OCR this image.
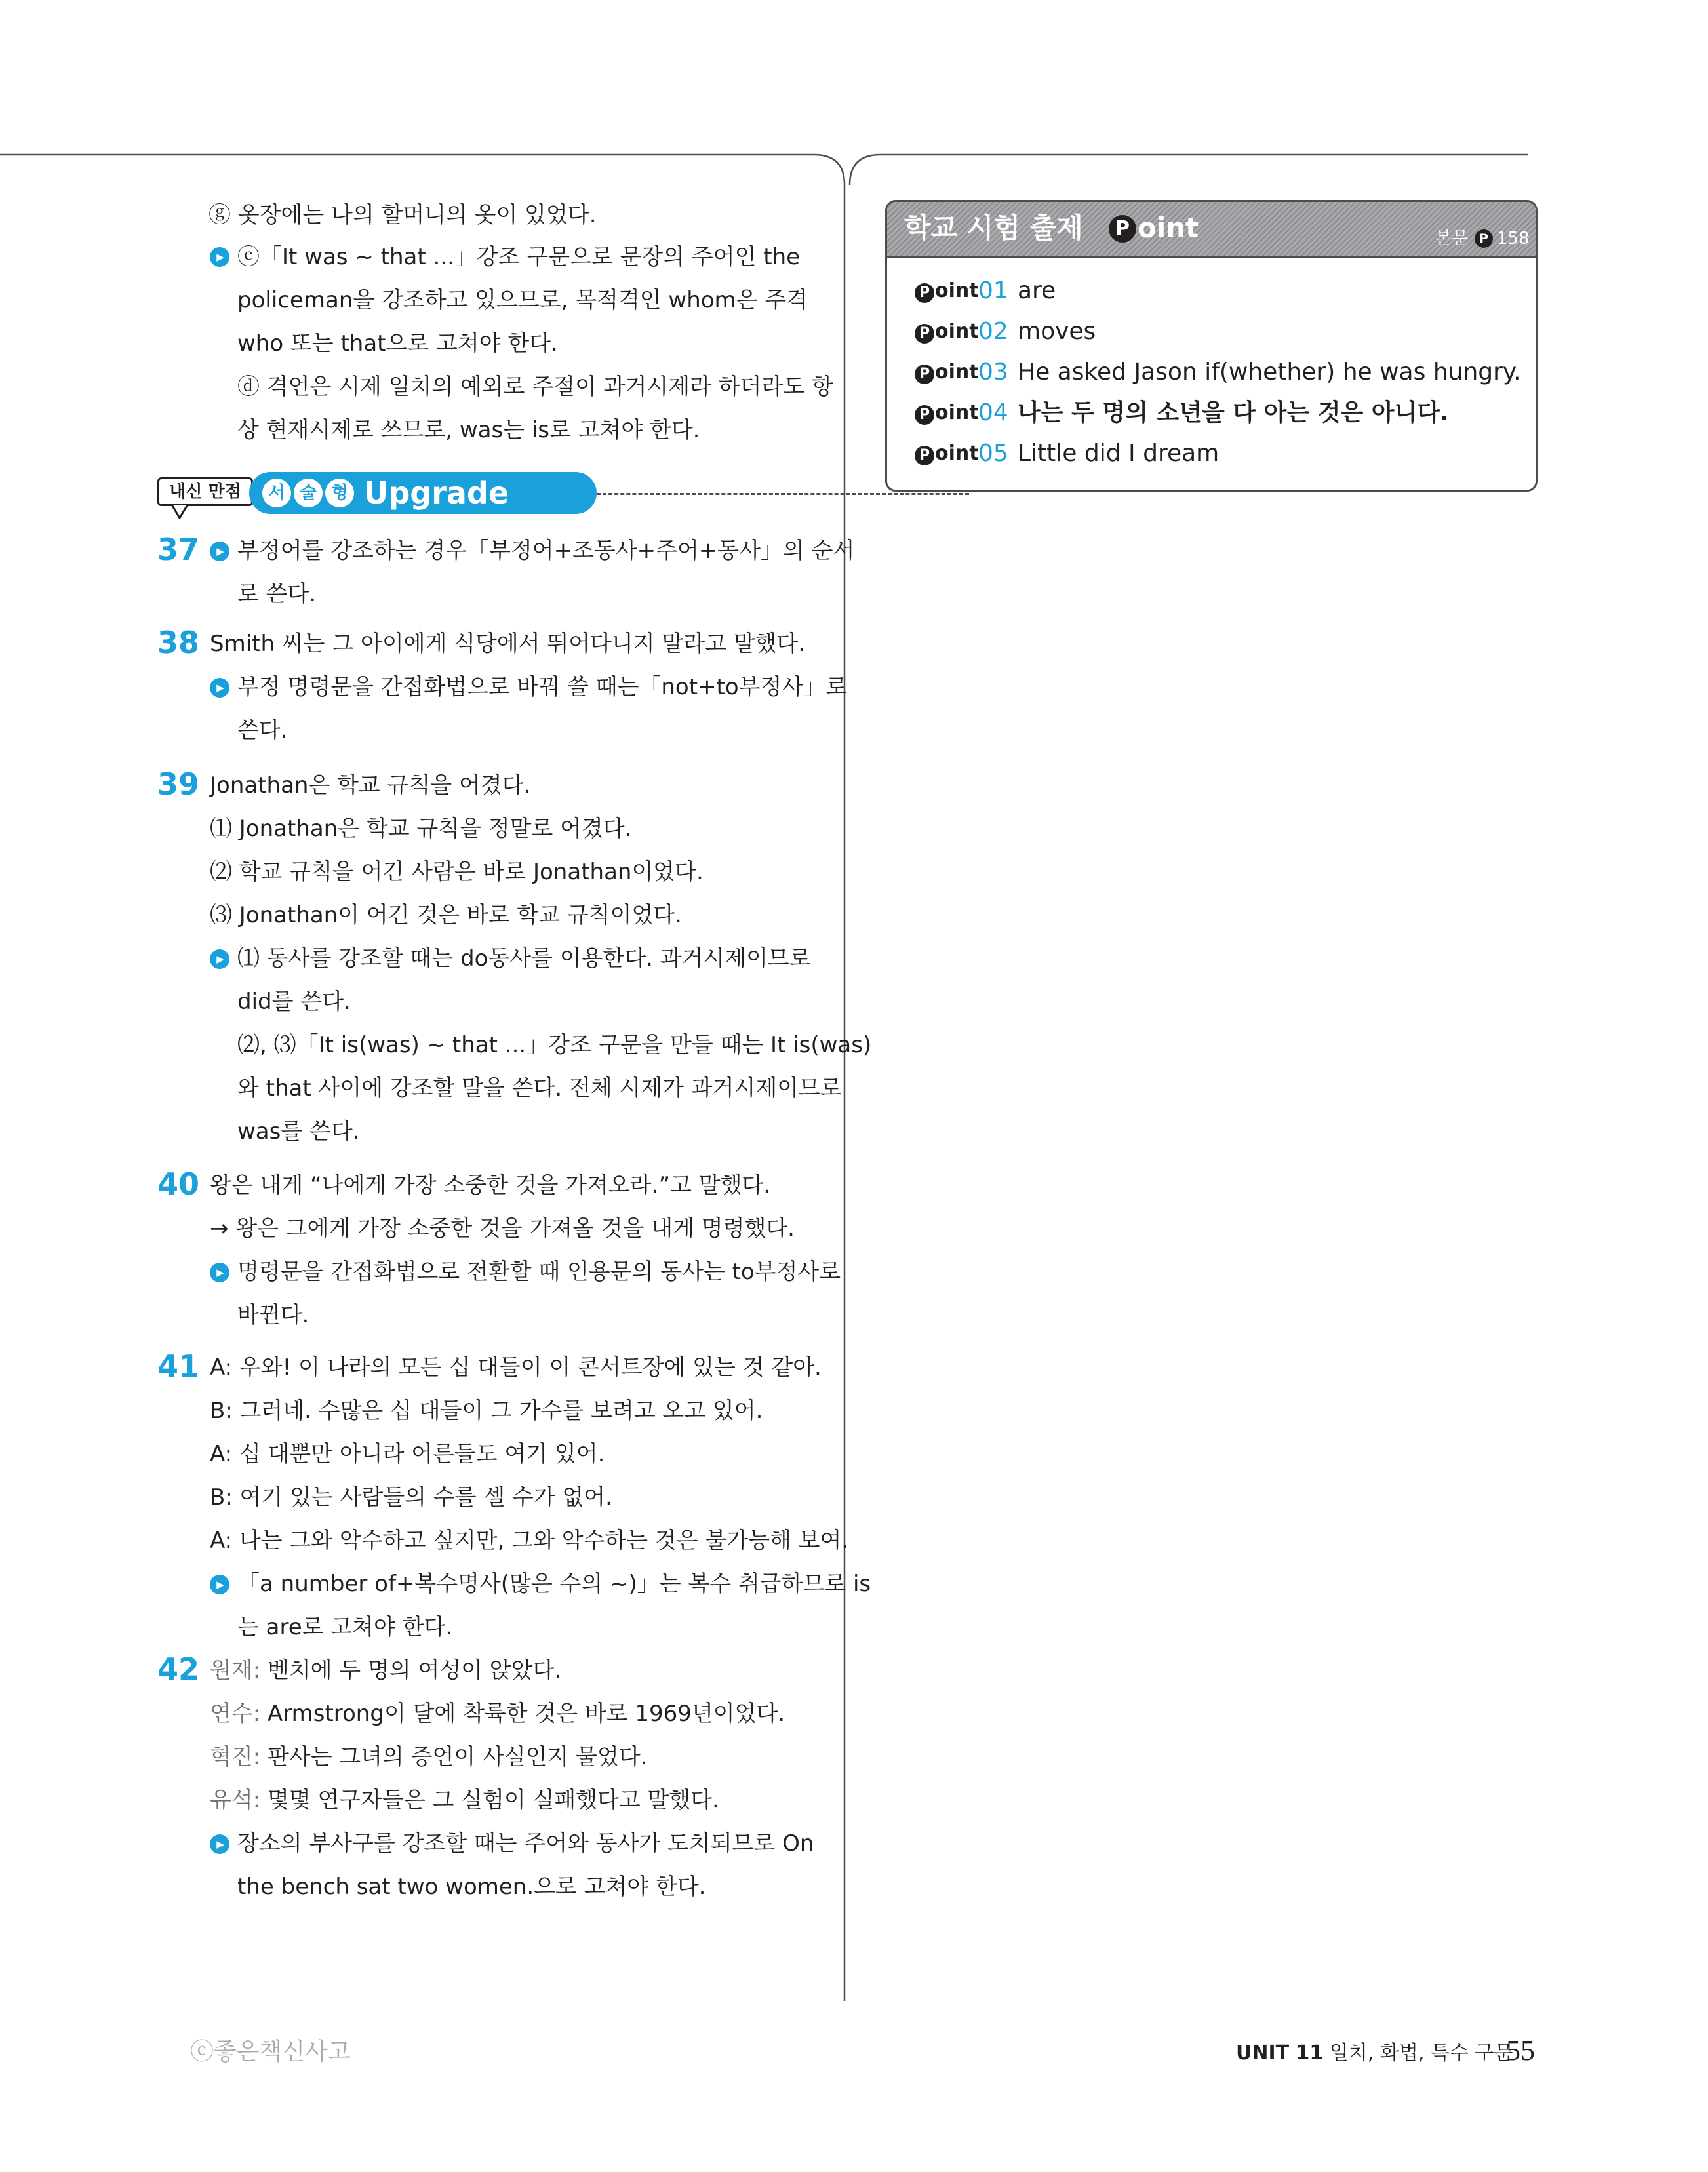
ⓖ 옷장에는 나의 할머니의 옷이 있었다.
▶
ⓒ「It was ~ that ...」강조 구문으로 문장의 주어인 the
policeman을 강조하고 있으므로, 목적격인 whom은 주격
who 또는 that으로 고쳐야 한다.
ⓓ 격언은 시제 일치의 예외로 주절이 과거시제라 하더라도 항
상 현재시제로 쓰므로, was는 is로 고쳐야 한다.
내신 만점	서 술 형 Upgrade
37
▶ 부정어를 강조하는 경우「부정어+조동사+주어+동사」의 순서
로 쓴다.
38 Smith 씨는 그 아이에게 식당에서 뛰어다니지 말라고 말했다.
▶
부정 명령문을 간접화법으로 바꿔 쓸 때는「not+to부정사」로
쓴다.
39 Jonathan은 학교 규칙을 어겼다.
⑴ Jonathan은 학교 규칙을 정말로 어겼다.
⑵ 학교 규칙을 어긴 사람은 바로 Jonathan이었다.
⑶ Jonathan이 어긴 것은 바로 학교 규칙이었다.
▶
⑴ 동사를 강조할 때는 do동사를 이용한다. 과거시제이므로
did를 쓴다.
⑵, ⑶「It is(was) ~ that ...」강조 구문을 만들 때는 It is(was)
와 that 사이에 강조할 말을 쓴다. 전체 시제가 과거시제이므로
was를 쓴다.
40 왕은 내게 “나에게 가장 소중한 것을 가져오라.”고 말했다.
→ 왕은 그에게 가장 소중한 것을 가져올 것을 내게 명령했다.
▶
명령문을 간접화법으로 전환할 때 인용문의 동사는 to부정사로
바뀐다.
41 A: 우와! 이 나라의 모든 십 대들이 이 콘서트장에 있는 것 같아.
B: 그러네. 수많은 십 대들이 그 가수를 보려고 오고 있어.
A: 십 대뿐만 아니라 어른들도 여기 있어.
B: 여기 있는 사람들의 수를 셀 수가 없어.
A: 나는 그와 악수하고 싶지만, 그와 악수하는 것은 불가능해 보여.
▶
「a number of+복수명사(많은 수의 ~)」는 복수 취급하므로 is
는 are로 고쳐야 한다.
42 원재: 벤치에 두 명의 여성이 앉았다.
연수: Armstrong이 달에 착륙한 것은 바로 1969년이었다.
혁진: 판사는 그녀의 증언이 사실인지 물었다.
유석: 몇몇 연구자들은 그 실험이 실패했다고 말했다.
▶
장소의 부사구를 강조할 때는 주어와 동사가 도치되므로 On
the bench sat two women.으로 고쳐야 한다.
학교 시험 출제	P oint	본문 P 158
P oint 01 are
P oint 02 moves
P oint 03 He asked Jason if(whether) he was hungry.
P oint 04 나는 두 명의 소년을 다 아는 것은 아니다.
P oint 05 Little did I dream
ⓒ좋은책신사고	UNIT 11 일치, 화법, 특수 구문
55
